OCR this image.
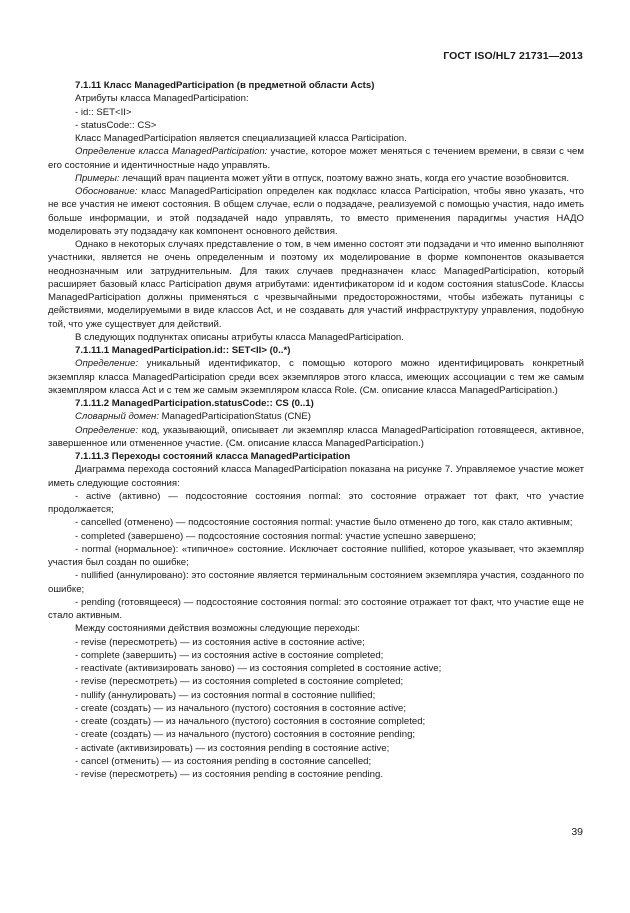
ГОСТ ISO/HL7 21731—2013

7.1.11 Класс ManagedParticipation (в предметной области Acts)

Атрибуты класса ManagedParticipation:

- id:: SET<II>

- statusCode:: CS>

Класс ManagedParticipation является специализацией класса Participation.

Определение класса ManagedParticipation: участие, которое может меняться с течением времени, в связи с чем его состояние и идентичностные надо управлять.

Примеры: лечащий врач пациента может уйти в отпуск, поэтому важно знать, когда его участие возобновится.

Обоснование: класс ManagedParticipation определен как подкласс класса Participation, чтобы явно указать, что не все участия не имеют состояния. В общем случае, если о подзадаче, реализуемой с помощью участия, надо иметь больше информации, и этой подзадачей надо управлять, то вместо применения парадигмы участия НАДО моделировать эту подзадачу как компонент основного действия.

Однако в некоторых случаях представление о том, в чем именно состоят эти подзадачи и что именно выполняют участники, является не очень определенным и поэтому их моделирование в форме компонентов оказывается неоднозначным или затруднительным. Для таких случаев предназначен класс ManagedParticipation, который расширяет базовый класс Participation двумя атрибутами: идентификатором id и кодом состояния statusCode. Классы ManagedParticipation должны применяться с чрезвычайными предосторожностями, чтобы избежать путаницы с действиями, моделируемыми в виде классов Act, и не создавать для участий инфраструктуру управления, подобную той, что уже существует для действий.

В следующих подпунктах описаны атрибуты класса ManagedParticipation.

7.1.11.1 ManagedParticipation.id:: SET<II> (0..*)

Определение: уникальный идентификатор, с помощью которого можно идентифицировать конкретный экземпляр класса ManagedParticipation среди всех экземпляров этого класса, имеющих ассоциации с тем же самым экземпляром класса Act и с тем же самым экземпляром класса Role. (См. описание класса ManagedParticipation.)

7.1.11.2 ManagedParticipation.statusCode:: CS (0..1)

Словарный домен: ManagedParticipationStatus (CNE)

Определение: код, указывающий, описывает ли экземпляр класса ManagedParticipation готовящееся, активное, завершенное или отмененное участие. (См. описание класса ManagedParticipation.)

7.1.11.3 Переходы состояний класса ManagedParticipation

Диаграмма перехода состояний класса ManagedParticipation показана на рисунке 7. Управляемое участие может иметь следующие состояния:

- active (активно) — подсостояние состояния normal: это состояние отражает тот факт, что участие продолжается;

- cancelled (отменено) — подсостояние состояния normal: участие было отменено до того, как стало активным;

- completed (завершено) — подсостояние состояния normal: участие успешно завершено;

- normal (нормальное): «типичное» состояние. Исключает состояние nullified, которое указывает, что экземпляр участия был создан по ошибке;

- nullified (аннулировано): это состояние является терминальным состоянием экземпляра участия, созданного по ошибке;

- pending (готовящееся) — подсостояние состояния normal: это состояние отражает тот факт, что участие еще не стало активным.

Между состояниями действия возможны следующие переходы:

- revise (пересмотреть) — из состояния active в состояние active;

- complete (завершить) — из состояния active в состояние completed;

- reactivate (активизировать заново) — из состояния completed в состояние active;

- revise (пересмотреть) — из состояния completed в состояние completed;

- nullify (аннулировать) — из состояния normal в состояние nullified;

- create (создать) — из начального (пустого) состояния в состояние active;

- create (создать) — из начального (пустого) состояния в состояние completed;

- create (создать) — из начального (пустого) состояния в состояние pending;

- activate (активизировать) — из состояния pending в состояние active;

- cancel (отменить) — из состояния pending в состояние cancelled;

- revise (пересмотреть) — из состояния pending в состояние pending.

39
